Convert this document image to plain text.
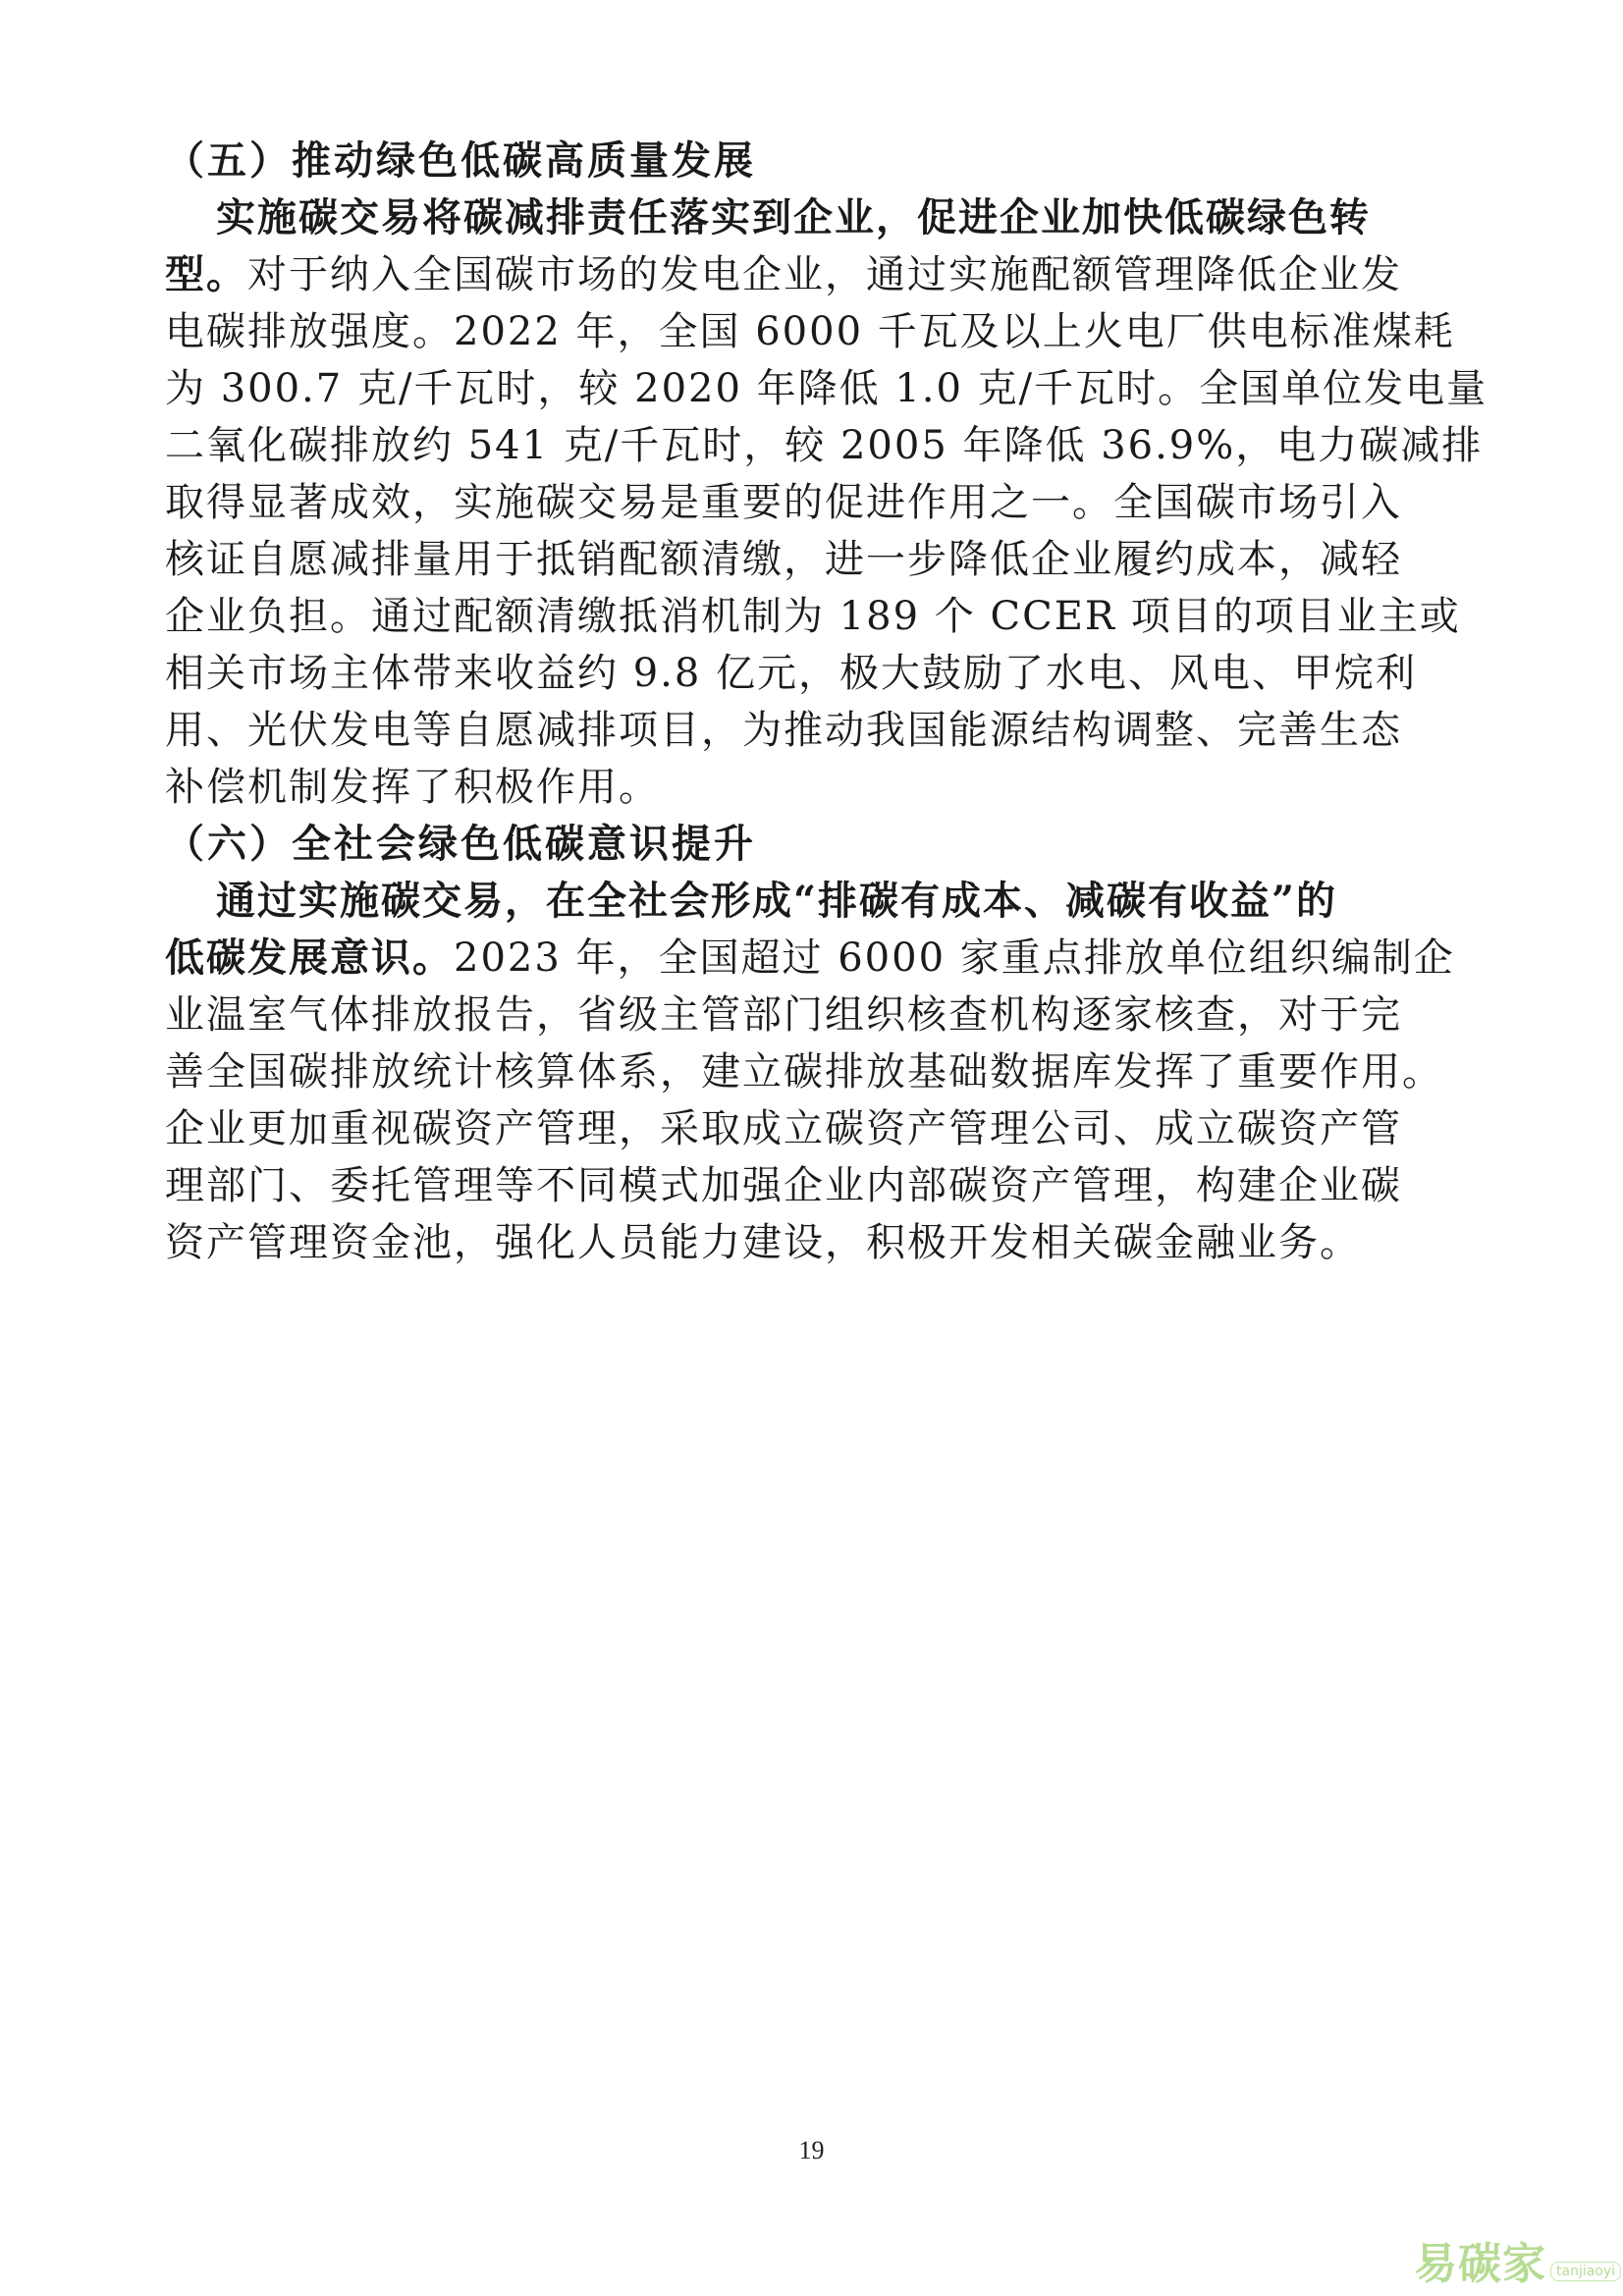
（五）推动绿色低碳高质量发展
实施碳交易将碳减排责任落实到企业，促进企业加快低碳绿色转
型。对于纳入全国碳市场的发电企业，通过实施配额管理降低企业发
电碳排放强度。2022 年，全国 6000 千瓦及以上火电厂供电标准煤耗
为 300.7 克/千瓦时，较 2020 年降低 1.0 克/千瓦时。全国单位发电量
二氧化碳排放约 541 克/千瓦时，较 2005 年降低 36.9%，电力碳减排
取得显著成效，实施碳交易是重要的促进作用之一。全国碳市场引入
核证自愿减排量用于抵销配额清缴，进一步降低企业履约成本，减轻
企业负担。通过配额清缴抵消机制为 189 个 CCER 项目的项目业主或
相关市场主体带来收益约 9.8 亿元，极大鼓励了水电、风电、甲烷利
用、光伏发电等自愿减排项目，为推动我国能源结构调整、完善生态
补偿机制发挥了积极作用。
（六）全社会绿色低碳意识提升
通过实施碳交易，在全社会形成“排碳有成本、减碳有收益”的
低碳发展意识。2023 年，全国超过 6000 家重点排放单位组织编制企
业温室气体排放报告，省级主管部门组织核查机构逐家核查，对于完
善全国碳排放统计核算体系，建立碳排放基础数据库发挥了重要作用。
企业更加重视碳资产管理，采取成立碳资产管理公司、成立碳资产管
理部门、委托管理等不同模式加强企业内部碳资产管理，构建企业碳
资产管理资金池，强化人员能力建设，积极开发相关碳金融业务。
19
易碳家 tanjiaoyi
